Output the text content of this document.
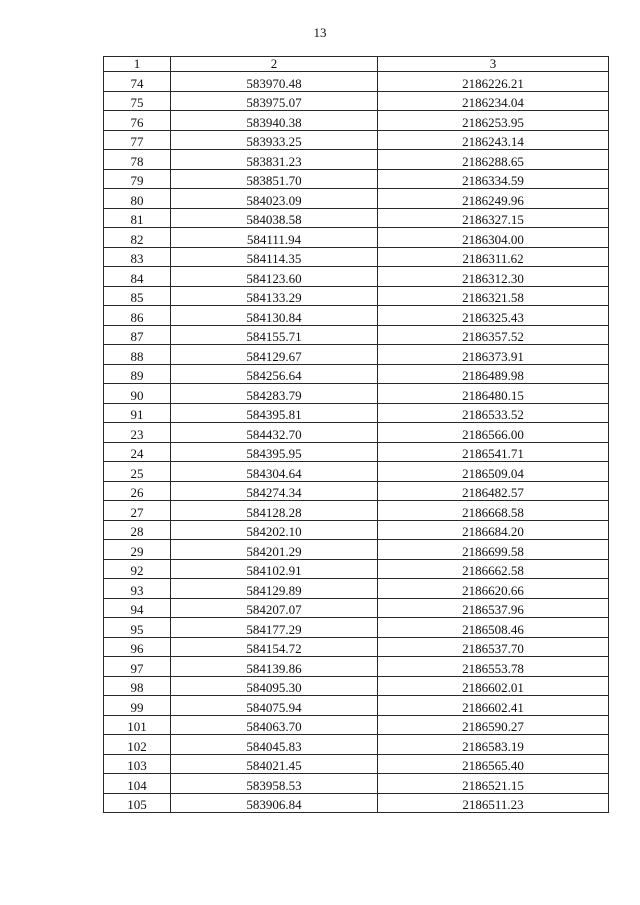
13
1	2	3
74	583970.48	2186226.21
75	583975.07	2186234.04
76	583940.38	2186253.95
77	583933.25	2186243.14
78	583831.23	2186288.65
79	583851.70	2186334.59
80	584023.09	2186249.96
81	584038.58	2186327.15
82	584111.94	2186304.00
83	584114.35	2186311.62
84	584123.60	2186312.30
85	584133.29	2186321.58
86	584130.84	2186325.43
87	584155.71	2186357.52
88	584129.67	2186373.91
89	584256.64	2186489.98
90	584283.79	2186480.15
91	584395.81	2186533.52
23	584432.70	2186566.00
24	584395.95	2186541.71
25	584304.64	2186509.04
26	584274.34	2186482.57
27	584128.28	2186668.58
28	584202.10	2186684.20
29	584201.29	2186699.58
92	584102.91	2186662.58
93	584129.89	2186620.66
94	584207.07	2186537.96
95	584177.29	2186508.46
96	584154.72	2186537.70
97	584139.86	2186553.78
98	584095.30	2186602.01
99	584075.94	2186602.41
101	584063.70	2186590.27
102	584045.83	2186583.19
103	584021.45	2186565.40
104	583958.53	2186521.15
105	583906.84	2186511.23
